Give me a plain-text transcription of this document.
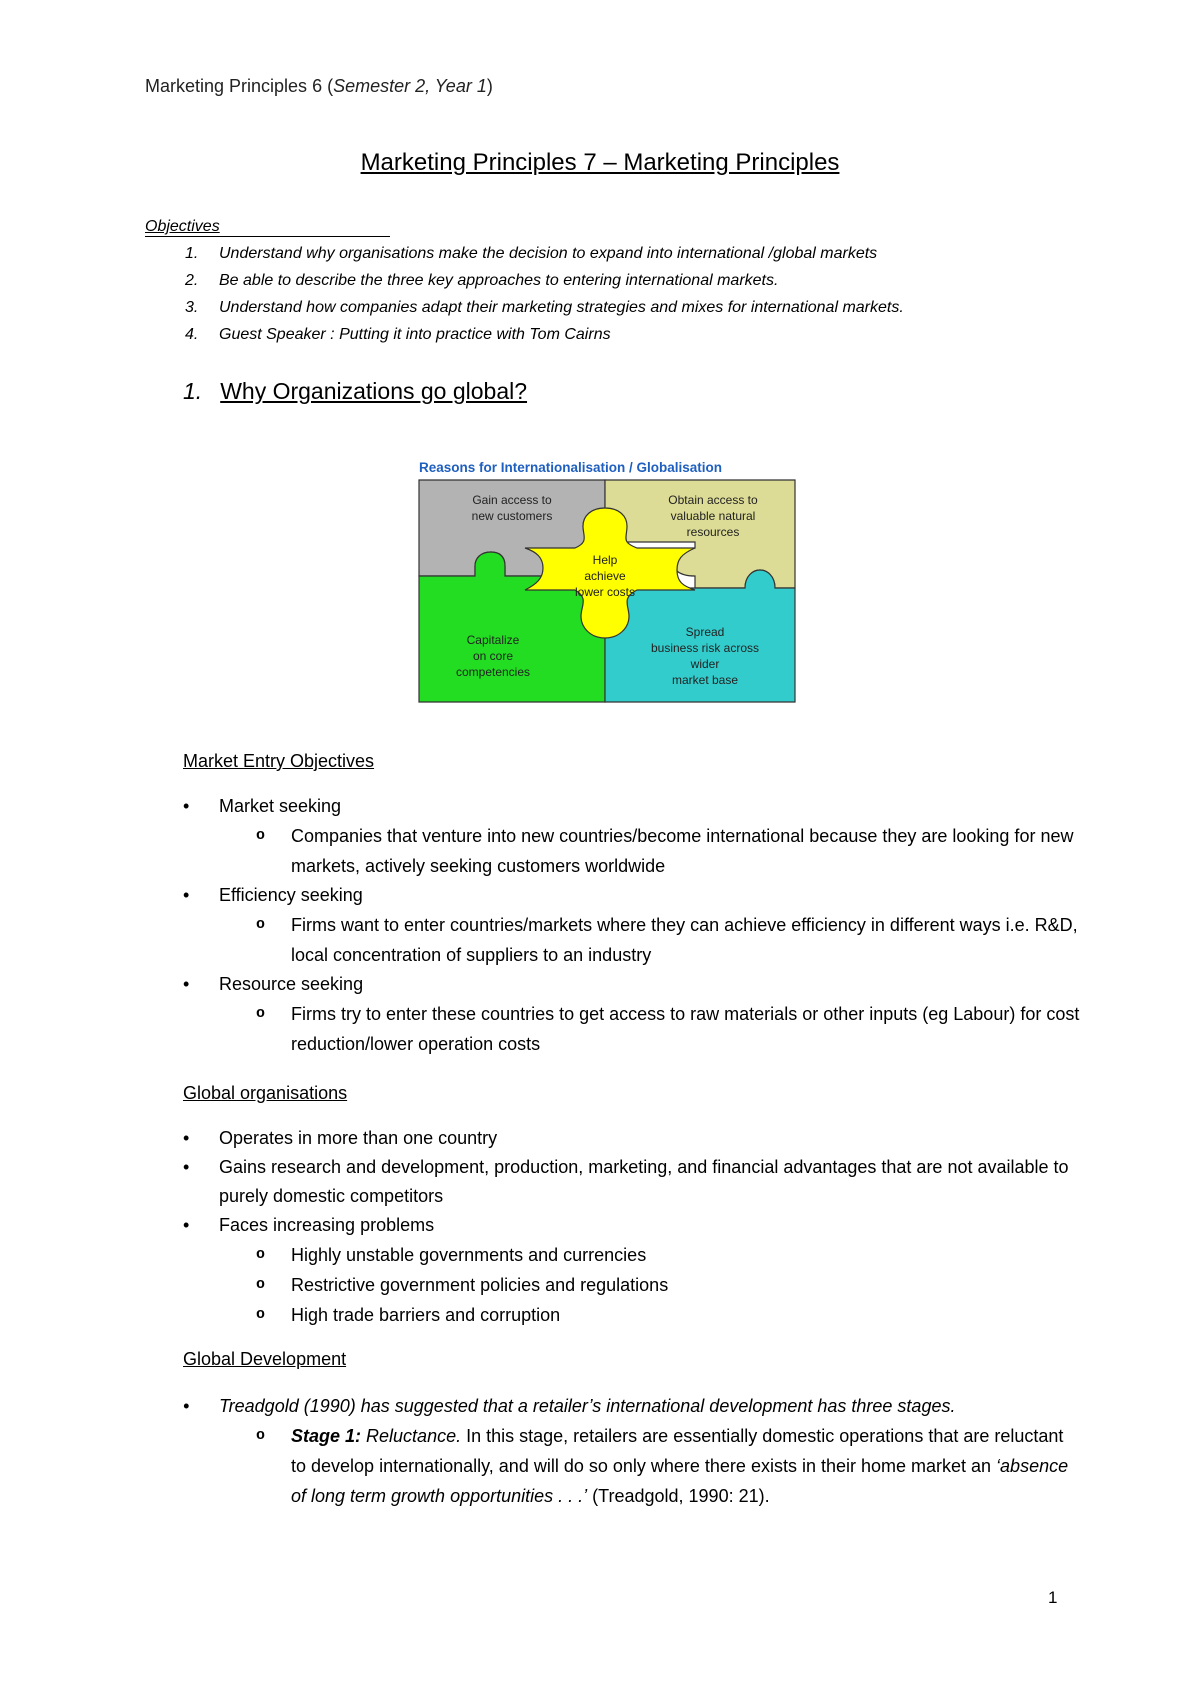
Marketing Principles 6 (Semester 2, Year 1)
Marketing Principles 7 – Marketing Principles
Objectives
1. Understand why organisations make the decision to expand into international /global markets
2. Be able to describe the three key approaches to entering international markets.
3. Understand how companies adapt their marketing strategies and mixes for international markets.
4. Guest Speaker : Putting it into practice with Tom Cairns
1. Why Organizations go global?
Reasons for Internationalisation / Globalisation
Gain access to
new customers
Obtain access to
valuable natural
resources
Help
achieve
lower costs
Capitalize
on core
competencies
Spread
business risk across
wider
market base
Market Entry Objectives
• Market seeking
o Companies that venture into new countries/become international because they are looking for new markets, actively seeking customers worldwide
• Efficiency seeking
o Firms want to enter countries/markets where they can achieve efficiency in different ways i.e. R&D, local concentration of suppliers to an industry
• Resource seeking
o Firms try to enter these countries to get access to raw materials or other inputs (eg Labour) for cost reduction/lower operation costs
Global organisations
• Operates in more than one country
• Gains research and development, production, marketing, and financial advantages that are not available to purely domestic competitors
• Faces increasing problems
o Highly unstable governments and currencies
o Restrictive government policies and regulations
o High trade barriers and corruption
Global Development
• Treadgold (1990) has suggested that a retailer’s international development has three stages.
o Stage 1: Reluctance. In this stage, retailers are essentially domestic operations that are reluctant to develop internationally, and will do so only where there exists in their home market an ‘absence of long term growth opportunities . . .’ (Treadgold, 1990: 21).
1
